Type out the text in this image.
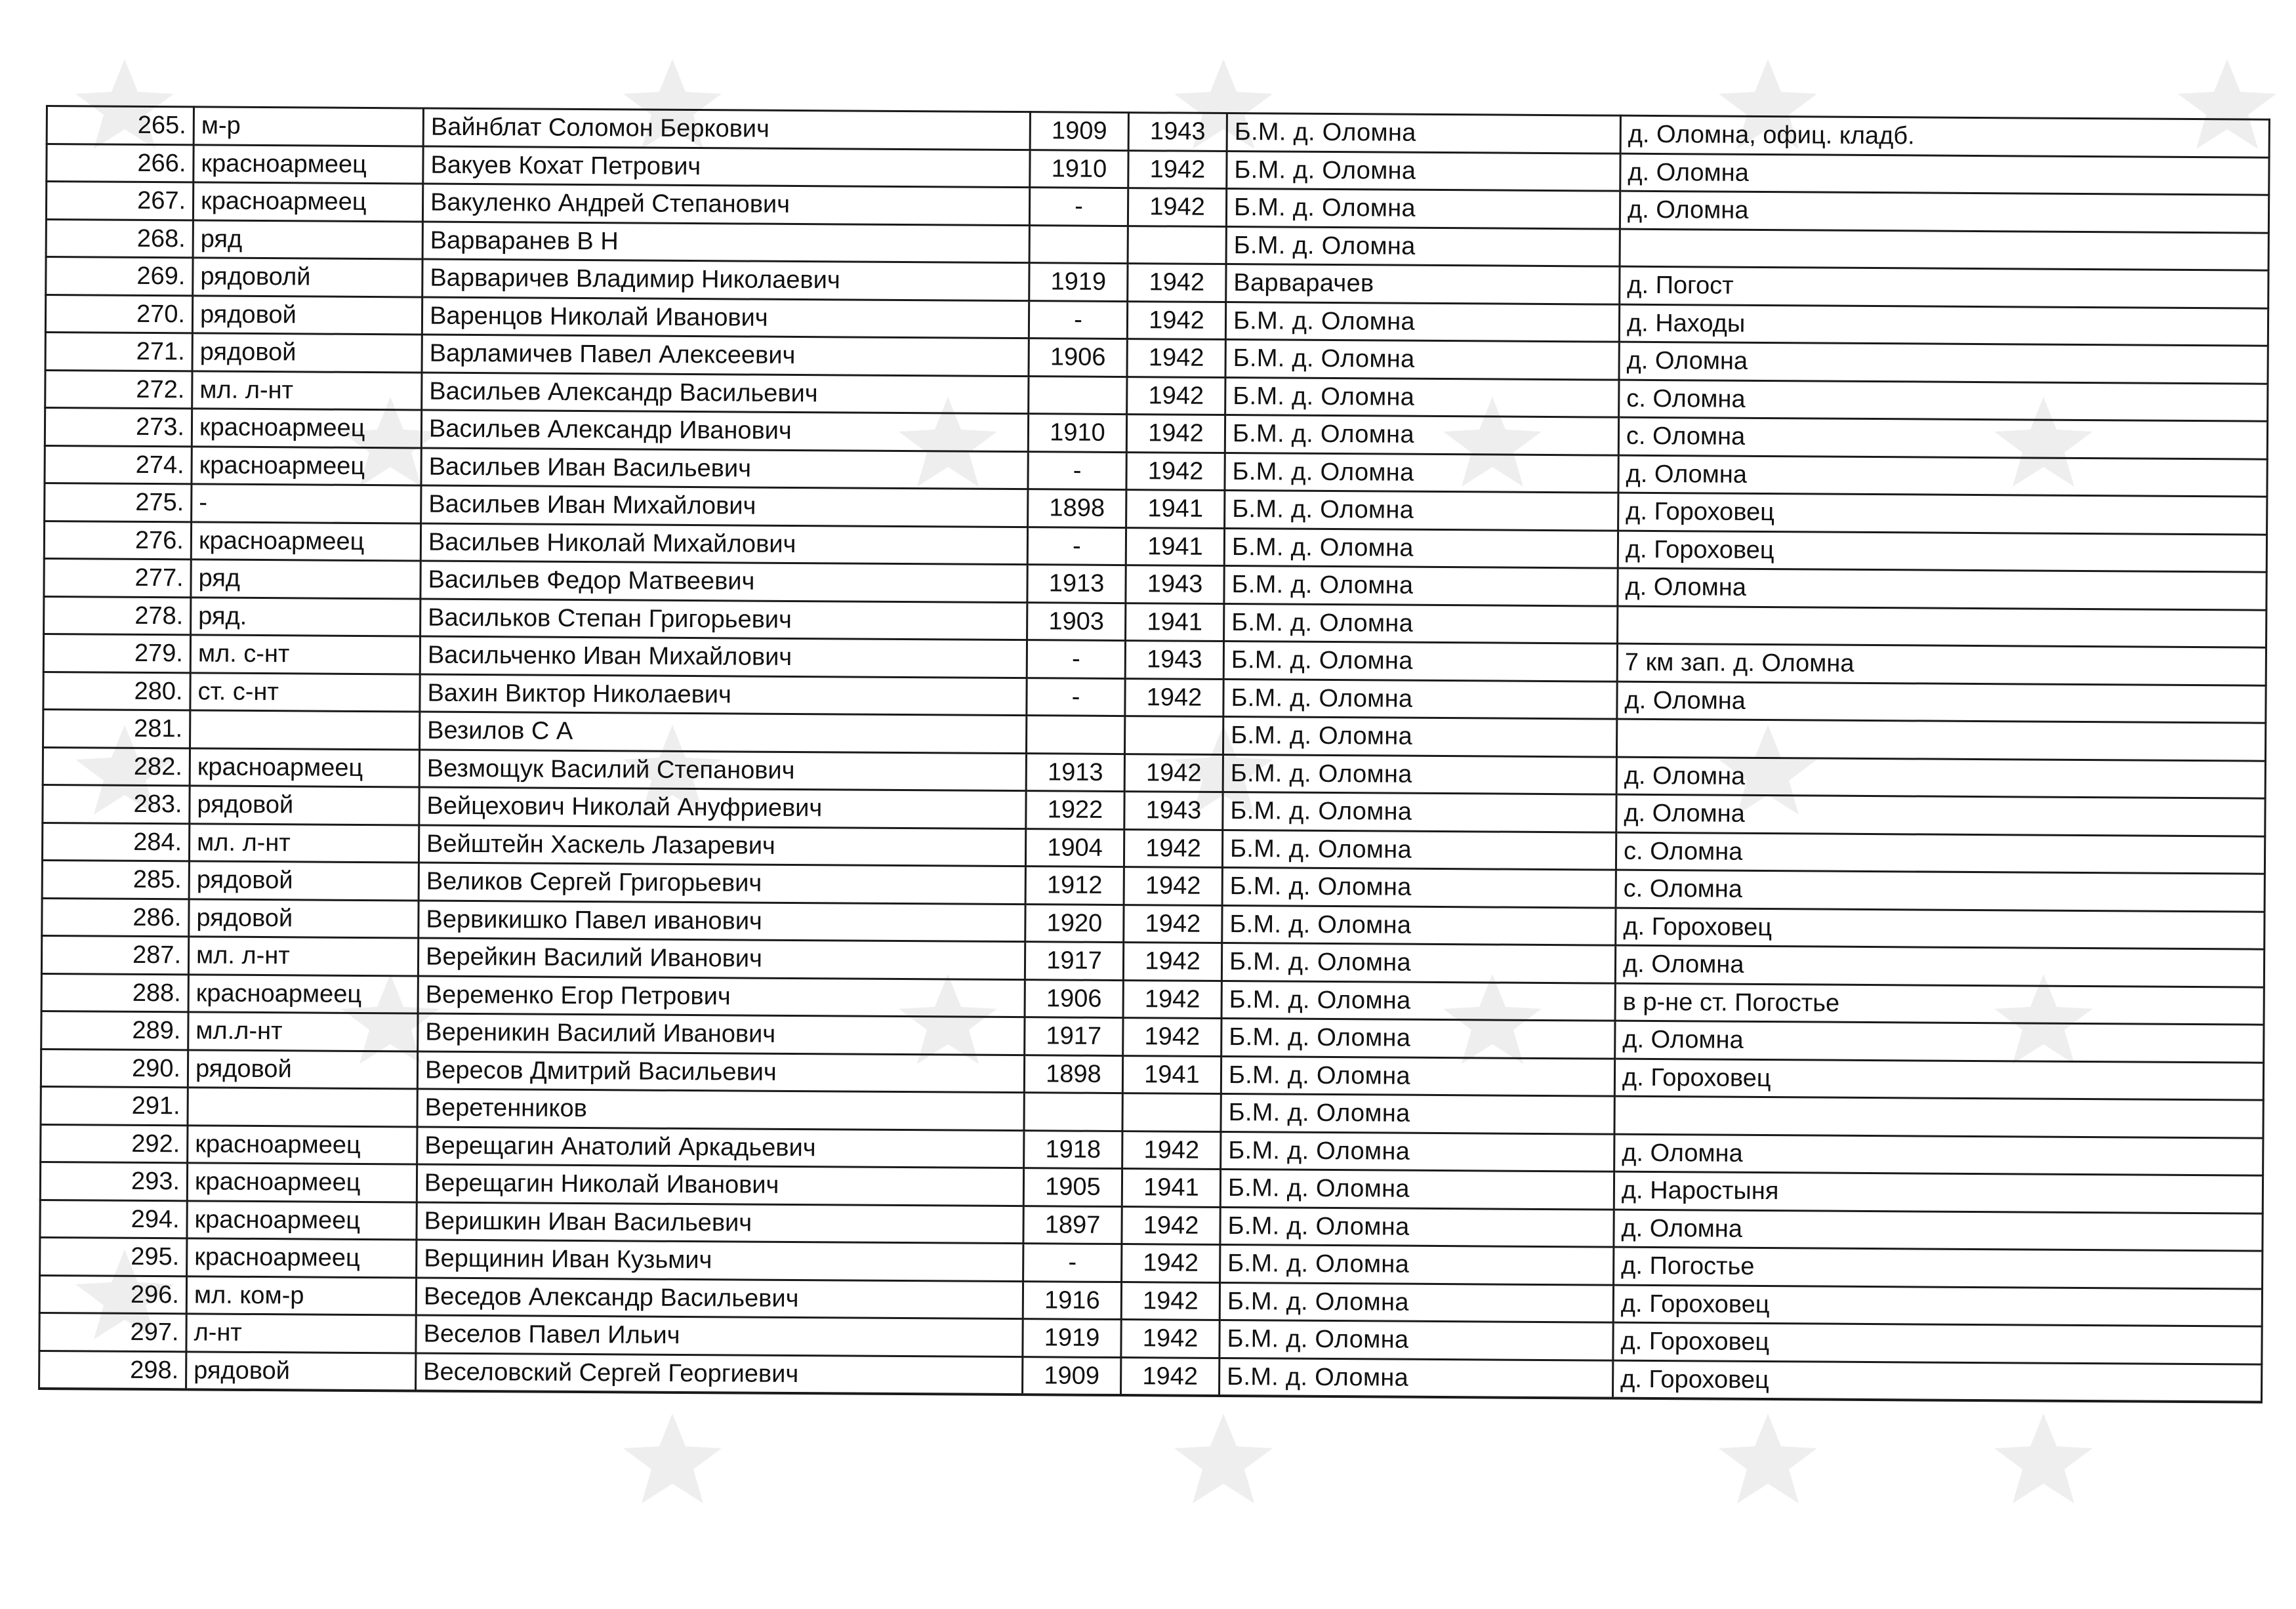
265.	м-р	Вайнблат Соломон Беркович	1909	1943	Б.М. д. Оломна	д. Оломна, офиц. кладб.
266.	красноармеец	Вакуев Кохат Петрович	1910	1942	Б.М. д. Оломна	д. Оломна
267.	красноармеец	Вакуленко Андрей Степанович	-	1942	Б.М. д. Оломна	д. Оломна
268.	ряд	Варваранев В Н			Б.М. д. Оломна	
269.	рядоволй	Варваричев Владимир Николаевич	1919	1942	Варварачев	д. Погост
270.	рядовой	Варенцов Николай Иванович	-	1942	Б.М. д. Оломна	д. Находы
271.	рядовой	Варламичев Павел Алексеевич	1906	1942	Б.М. д. Оломна	д. Оломна
272.	мл. л-нт	Васильев Александр Васильевич		1942	Б.М. д. Оломна	с. Оломна
273.	красноармеец	Васильев Александр Иванович	1910	1942	Б.М. д. Оломна	с. Оломна
274.	красноармеец	Васильев Иван Васильевич	-	1942	Б.М. д. Оломна	д. Оломна
275.	-	Васильев Иван Михайлович	1898	1941	Б.М. д. Оломна	д. Гороховец
276.	красноармеец	Васильев Николай Михайлович	-	1941	Б.М. д. Оломна	д. Гороховец
277.	ряд	Васильев Федор Матвеевич	1913	1943	Б.М. д. Оломна	д. Оломна
278.	ряд.	Васильков Степан Григорьевич	1903	1941	Б.М. д. Оломна	
279.	мл. с-нт	Васильченко Иван Михайлович	-	1943	Б.М. д. Оломна	7 км зап. д. Оломна
280.	ст. с-нт	Вахин Виктор Николаевич	-	1942	Б.М. д. Оломна	д. Оломна
281.		Везилов С А			Б.М. д. Оломна	
282.	красноармеец	Везмощук Василий Степанович	1913	1942	Б.М. д. Оломна	д. Оломна
283.	рядовой	Вейцехович Николай Ануфриевич	1922	1943	Б.М. д. Оломна	д. Оломна
284.	мл. л-нт	Вейштейн Хаскель Лазаревич	1904	1942	Б.М. д. Оломна	с. Оломна
285.	рядовой	Великов Сергей Григорьевич	1912	1942	Б.М. д. Оломна	с. Оломна
286.	рядовой	Вервикишко Павел иванович	1920	1942	Б.М. д. Оломна	д. Гороховец
287.	мл. л-нт	Верейкин Василий Иванович	1917	1942	Б.М. д. Оломна	д. Оломна
288.	красноармеец	Веременко Егор Петрович	1906	1942	Б.М. д. Оломна	в р-не ст. Погостье
289.	мл.л-нт	Вереникин Василий Иванович	1917	1942	Б.М. д. Оломна	д. Оломна
290.	рядовой	Вересов Дмитрий Васильевич	1898	1941	Б.М. д. Оломна	д. Гороховец
291.		Веретенников			Б.М. д. Оломна	
292.	красноармеец	Верещагин Анатолий Аркадьевич	1918	1942	Б.М. д. Оломна	д. Оломна
293.	красноармеец	Верещагин Николай Иванович	1905	1941	Б.М. д. Оломна	д. Наростыня
294.	красноармеец	Веришкин Иван Васильевич	1897	1942	Б.М. д. Оломна	д. Оломна
295.	красноармеец	Верщинин Иван Кузьмич	-	1942	Б.М. д. Оломна	д. Погостье
296.	мл. ком-р	Веседов Александр Васильевич	1916	1942	Б.М. д. Оломна	д. Гороховец
297.	л-нт	Веселов Павел Ильич	1919	1942	Б.М. д. Оломна	д. Гороховец
298.	рядовой	Веселовский Сергей Георгиевич	1909	1942	Б.М. д. Оломна	д. Гороховец
